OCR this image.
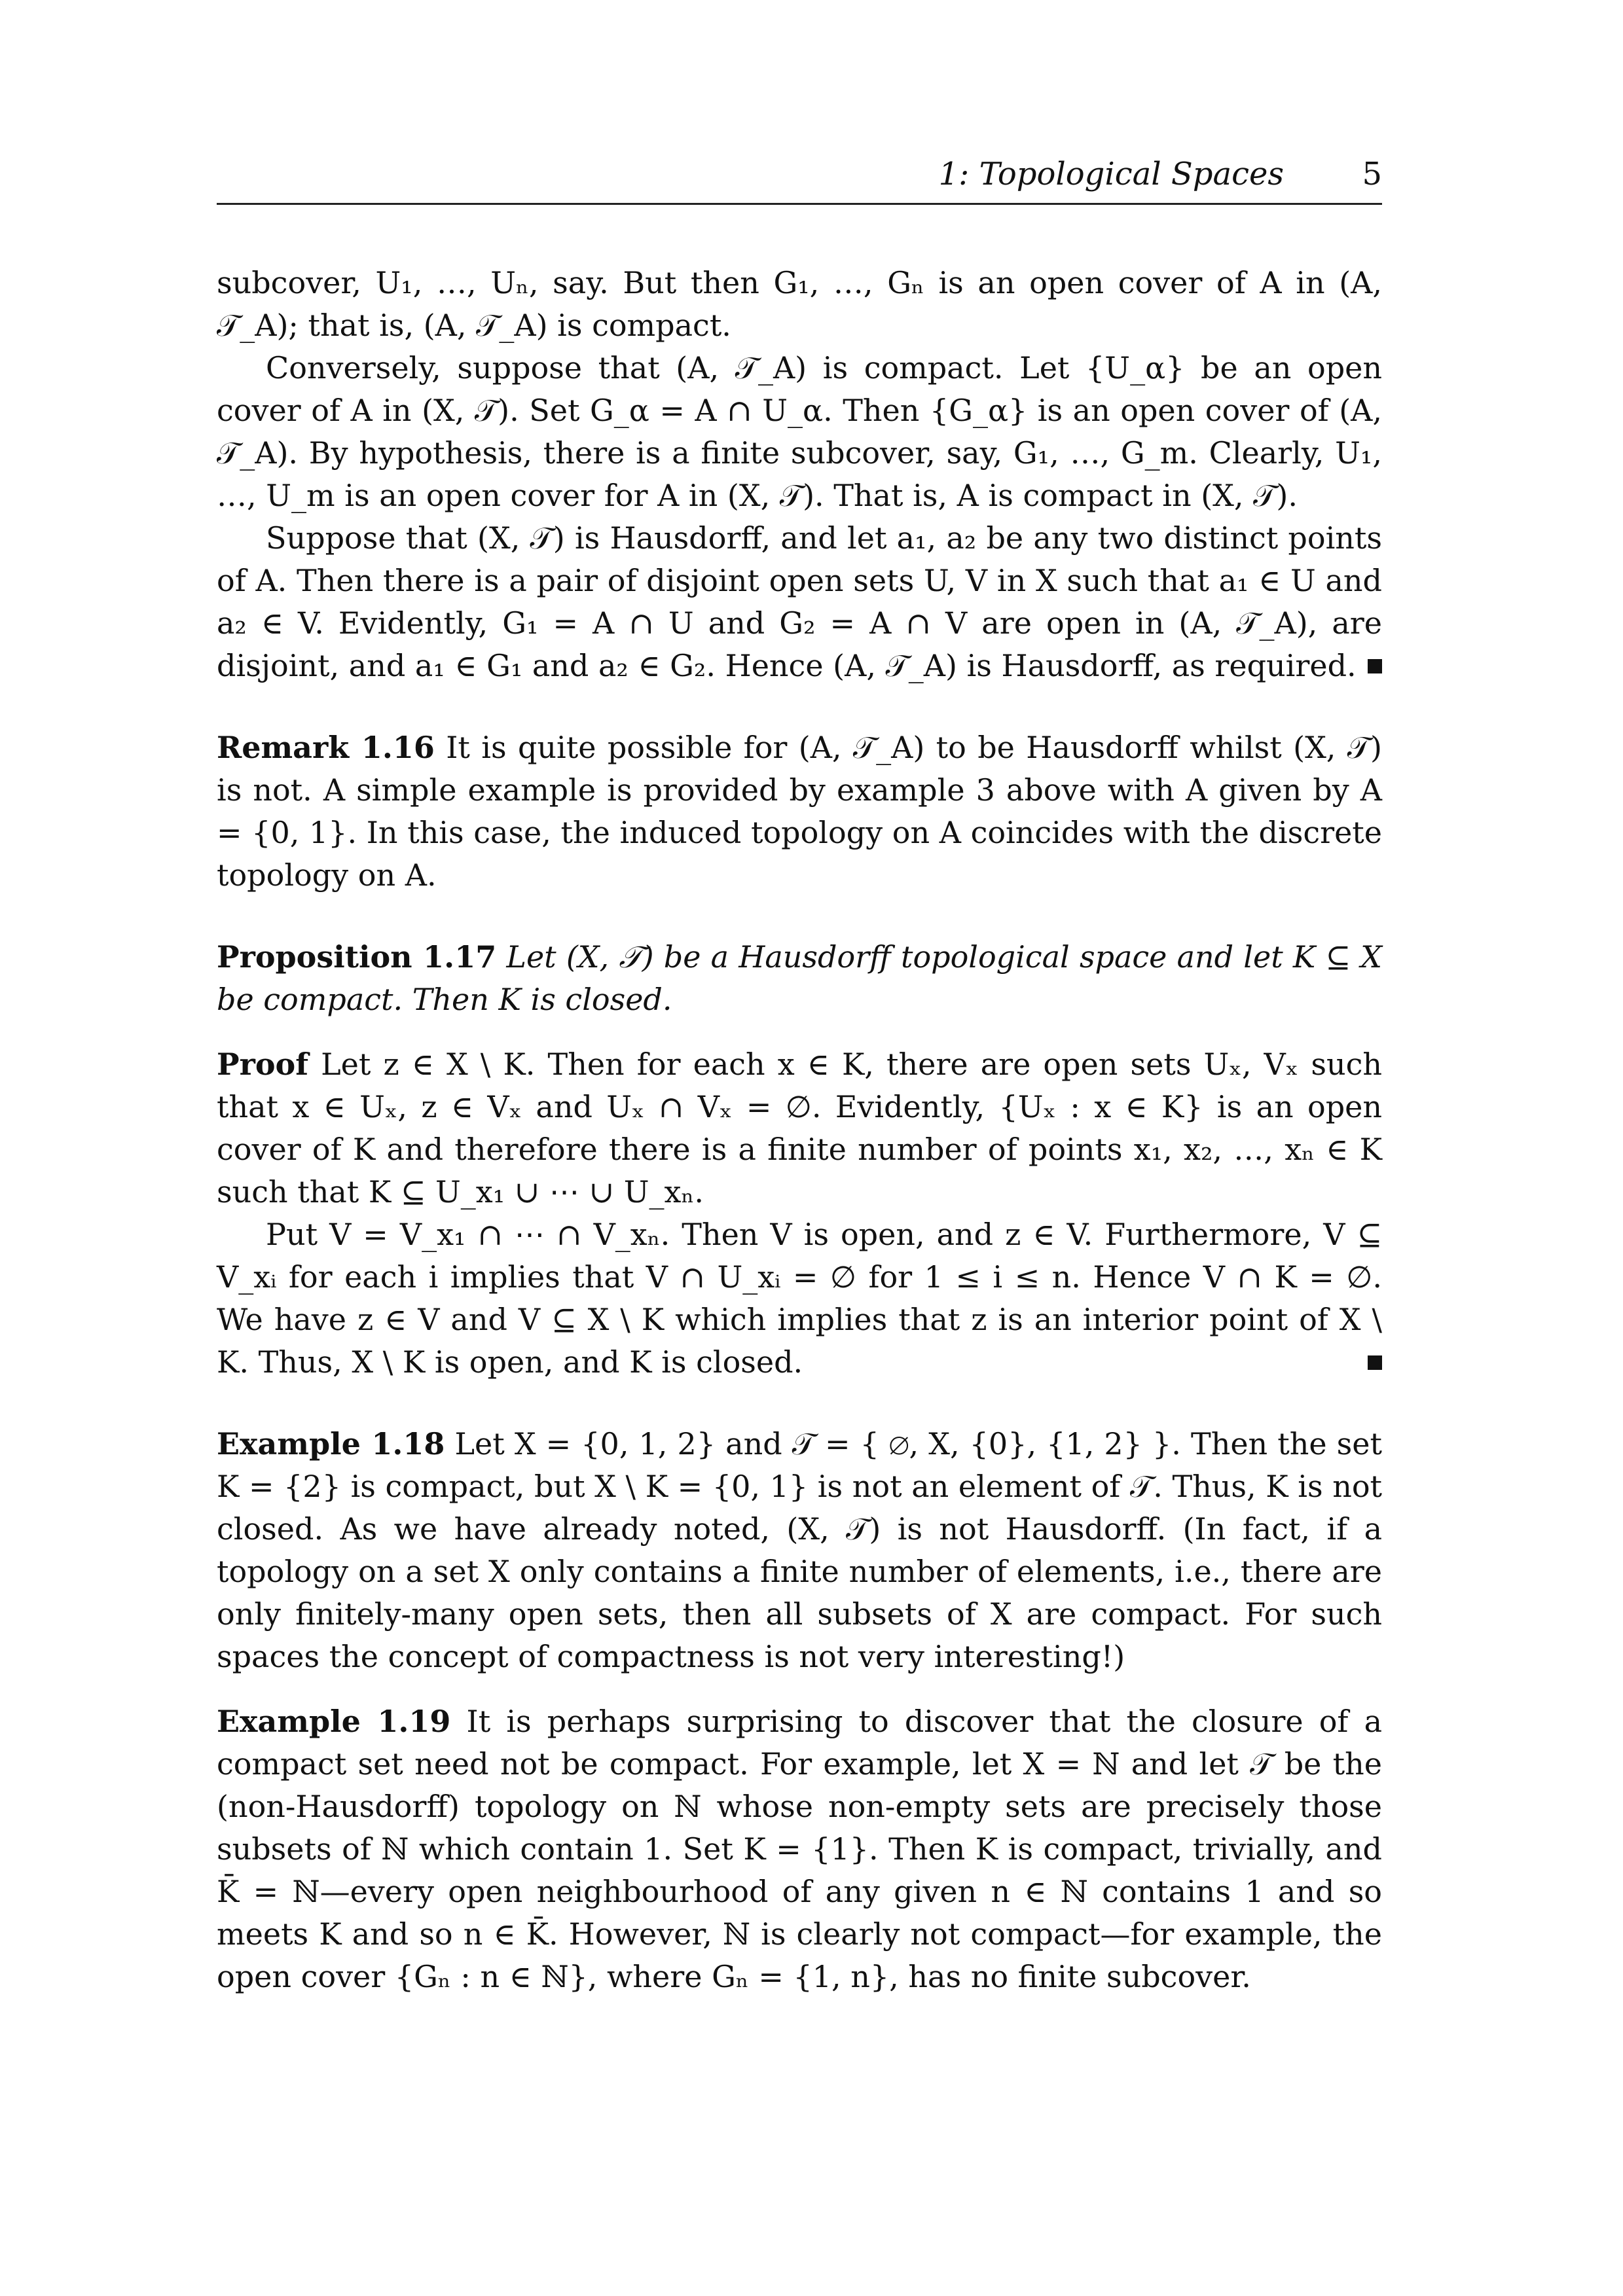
1: Topological Spaces 5

subcover, U₁, …, Uₙ, say. But then G₁, …, Gₙ is an open cover of A in (A, 𝒯_A); that is, (A, 𝒯_A) is compact.

Conversely, suppose that (A, 𝒯_A) is compact. Let {U_α} be an open cover of A in (X, 𝒯). Set G_α = A ∩ U_α. Then {G_α} is an open cover of (A, 𝒯_A). By hypothesis, there is a finite subcover, say, G₁, …, G_m. Clearly, U₁, …, U_m is an open cover for A in (X, 𝒯). That is, A is compact in (X, 𝒯).

Suppose that (X, 𝒯) is Hausdorff, and let a₁, a₂ be any two distinct points of A. Then there is a pair of disjoint open sets U, V in X such that a₁ ∈ U and a₂ ∈ V. Evidently, G₁ = A ∩ U and G₂ = A ∩ V are open in (A, 𝒯_A), are disjoint, and a₁ ∈ G₁ and a₂ ∈ G₂. Hence (A, 𝒯_A) is Hausdorff, as required.

Remark 1.16 It is quite possible for (A, 𝒯_A) to be Hausdorff whilst (X, 𝒯) is not. A simple example is provided by example 3 above with A given by A = {0, 1}. In this case, the induced topology on A coincides with the discrete topology on A.

Proposition 1.17 Let (X, 𝒯) be a Hausdorff topological space and let K ⊆ X be compact. Then K is closed.

Proof Let z ∈ X \ K. Then for each x ∈ K, there are open sets Uₓ, Vₓ such that x ∈ Uₓ, z ∈ Vₓ and Uₓ ∩ Vₓ = ∅. Evidently, {Uₓ : x ∈ K} is an open cover of K and therefore there is a finite number of points x₁, x₂, …, xₙ ∈ K such that K ⊆ U_x₁ ∪ ⋯ ∪ U_xₙ.

Put V = V_x₁ ∩ ⋯ ∩ V_xₙ. Then V is open, and z ∈ V. Furthermore, V ⊆ V_xᵢ for each i implies that V ∩ U_xᵢ = ∅ for 1 ≤ i ≤ n. Hence V ∩ K = ∅. We have z ∈ V and V ⊆ X \ K which implies that z is an interior point of X \ K. Thus, X \ K is open, and K is closed.

Example 1.18 Let X = {0, 1, 2} and 𝒯 = { ∅, X, {0}, {1, 2} }. Then the set K = {2} is compact, but X \ K = {0, 1} is not an element of 𝒯. Thus, K is not closed. As we have already noted, (X, 𝒯) is not Hausdorff. (In fact, if a topology on a set X only contains a finite number of elements, i.e., there are only finitely-many open sets, then all subsets of X are compact. For such spaces the concept of compactness is not very interesting!)

Example 1.19 It is perhaps surprising to discover that the closure of a compact set need not be compact. For example, let X = ℕ and let 𝒯 be the (non-Hausdorff) topology on ℕ whose non-empty sets are precisely those subsets of ℕ which contain 1. Set K = {1}. Then K is compact, trivially, and K̄ = ℕ—every open neighbourhood of any given n ∈ ℕ contains 1 and so meets K and so n ∈ K̄. However, ℕ is clearly not compact—for example, the open cover {Gₙ : n ∈ ℕ}, where Gₙ = {1, n}, has no finite subcover.
